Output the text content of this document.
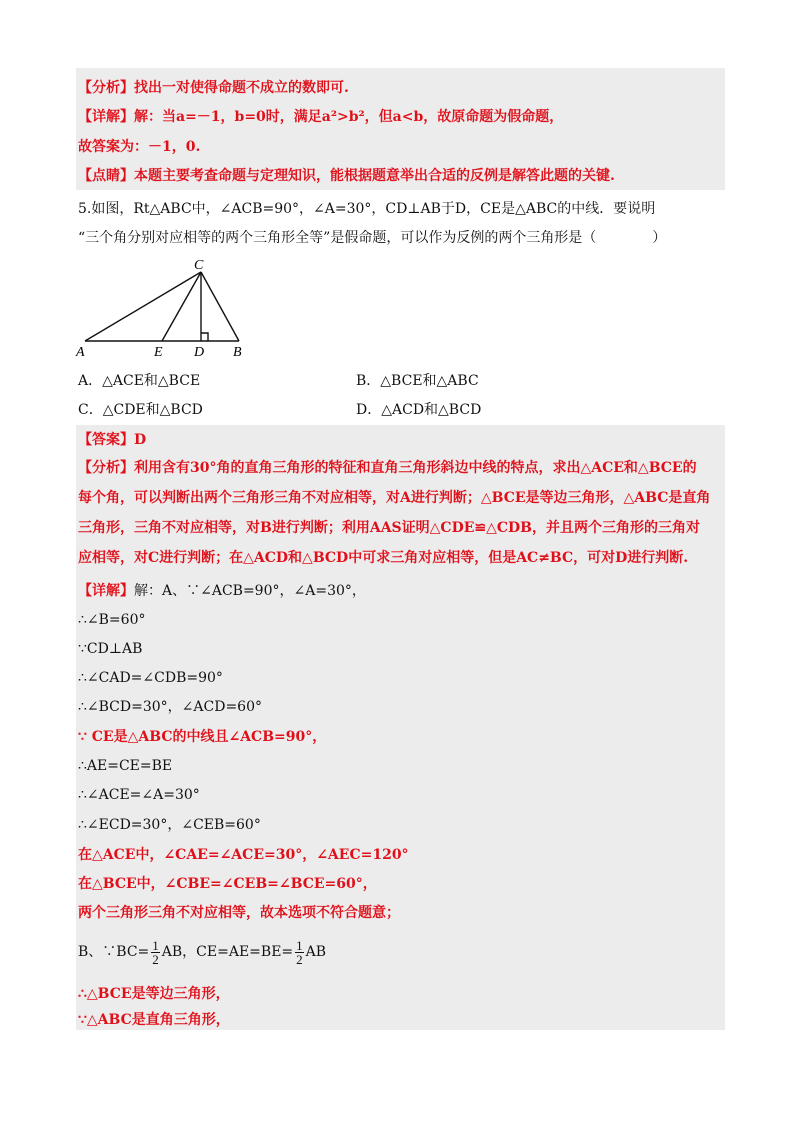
【分析】找出一对使得命题不成立的数即可.
【详解】解：当a=－1，b=0时，满足a²>b²，但a<b，故原命题为假命题，
故答案为：－1，0.
【点睛】本题主要考查命题与定理知识，能根据题意举出合适的反例是解答此题的关键.
5.如图，Rt△ABC中，∠ACB=90°，∠A=30°，CD⊥AB于D，CE是△ABC的中线．要说明
“三个角分别对应相等的两个三角形全等”是假命题，可以作为反例的两个三角形是（　　　　）
A	E D B
C
A．△ACE和△BCE	B．△BCE和△ABC
C．△CDE和△BCD	D．△ACD和△BCD
【答案】D
【分析】利用含有30°角的直角三角形的特征和直角三角形斜边中线的特点，求出△ACE和△BCE的
每个角，可以判断出两个三角形三角不对应相等，对A进行判断；△BCE是等边三角形，△ABC是直角
三角形，三角不对应相等，对B进行判断；利用AAS证明△CDE≌△CDB，并且两个三角形的三角对
应相等，对C进行判断；在△ACD和△BCD中可求三角对应相等，但是AC≠BC，可对D进行判断.
【详解】解：A、∵∠ACB=90°，∠A=30°，
∴∠B=60°
∵CD⊥AB
∴∠CAD=∠CDB=90°
∴∠BCD=30°，∠ACD=60°
∵ CE是△ABC的中线且∠ACB=90°，
∴AE=CE=BE
∴∠ACE=∠A=30°
∴∠ECD=30°，∠CEB=60°
在△ACE中，∠CAE=∠ACE=30°，∠AEC=120°
在△BCE中，∠CBE=∠CEB=∠BCE=60°，
两个三角形三角不对应相等，故本选项不符合题意；
B、∵BC= $\frac{1}{2}$ AB，$CE=AE=BE= \frac{1}{2}$ AB
∴△BCE是等边三角形，
∵△ABC是直角三角形，
